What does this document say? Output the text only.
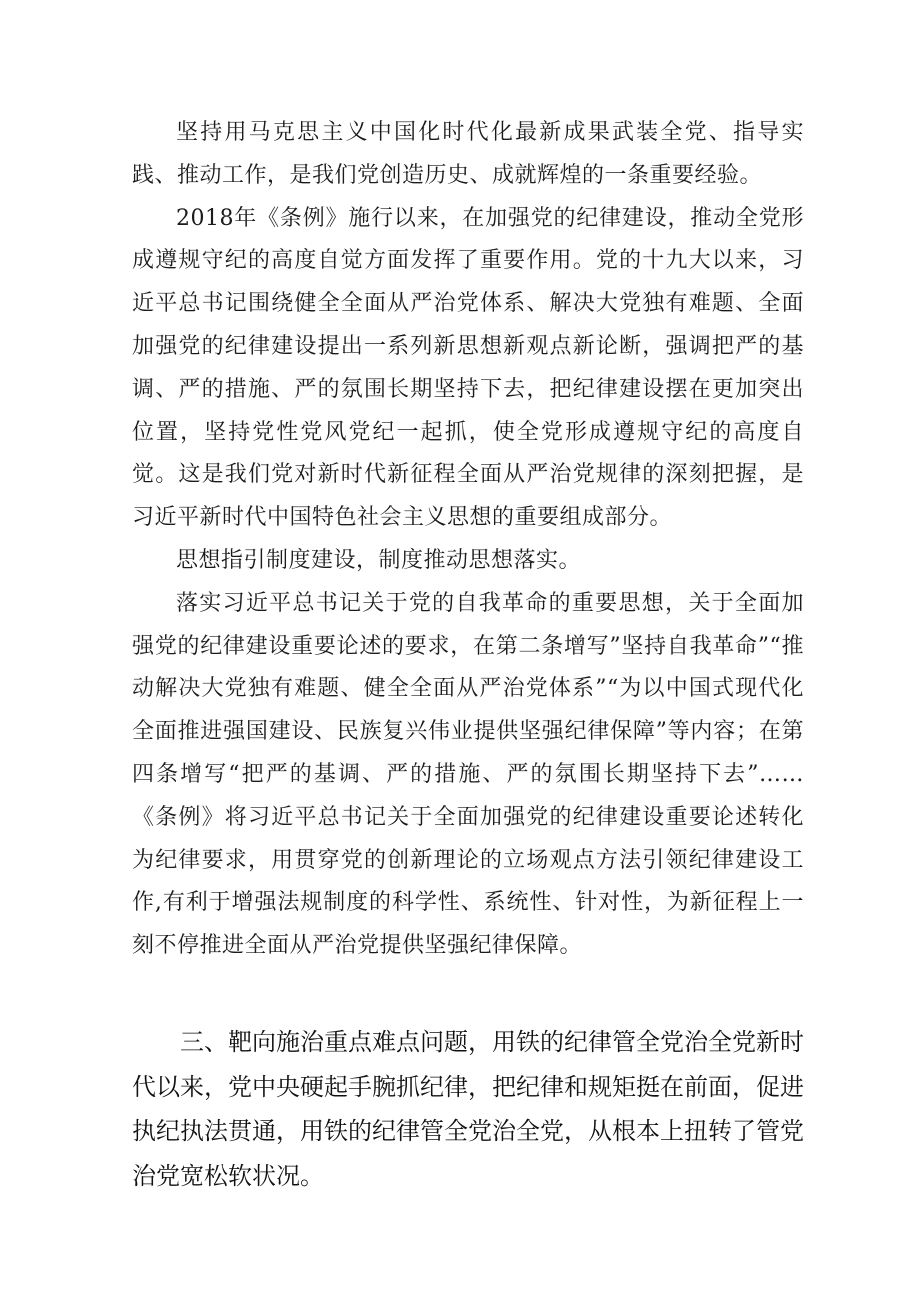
坚持用马克思主义中国化时代化最新成果武装全党、指导实践、推动工作，是我们党创造历史、成就辉煌的一条重要经验。

2018年《条例》施行以来，在加强党的纪律建设，推动全党形成遵规守纪的高度自觉方面发挥了重要作用。党的十九大以来，习近平总书记围绕健全全面从严治党体系、解决大党独有难题、全面加强党的纪律建设提出一系列新思想新观点新论断，强调把严的基调、严的措施、严的氛围长期坚持下去，把纪律建设摆在更加突出位置，坚持党性党风党纪一起抓，使全党形成遵规守纪的高度自觉。这是我们党对新时代新征程全面从严治党规律的深刻把握，是习近平新时代中国特色社会主义思想的重要组成部分。

思想指引制度建设，制度推动思想落实。

落实习近平总书记关于党的自我革命的重要思想，关于全面加强党的纪律建设重要论述的要求，在第二条增写”坚持自我革命”“推动解决大党独有难题、健全全面从严治党体系”“为以中国式现代化全面推进强国建设、民族复兴伟业提供坚强纪律保障”等内容；在第四条增写“把严的基调、严的措施、严的氛围长期坚持下去”……《条例》将习近平总书记关于全面加强党的纪律建设重要论述转化为纪律要求，用贯穿党的创新理论的立场观点方法引领纪律建设工作,有利于增强法规制度的科学性、系统性、针对性，为新征程上一刻不停推进全面从严治党提供坚强纪律保障。

三、靶向施治重点难点问题，用铁的纪律管全党治全党新时代以来，党中央硬起手腕抓纪律，把纪律和规矩挺在前面，促进执纪执法贯通，用铁的纪律管全党治全党，从根本上扭转了管党治党宽松软状况。
